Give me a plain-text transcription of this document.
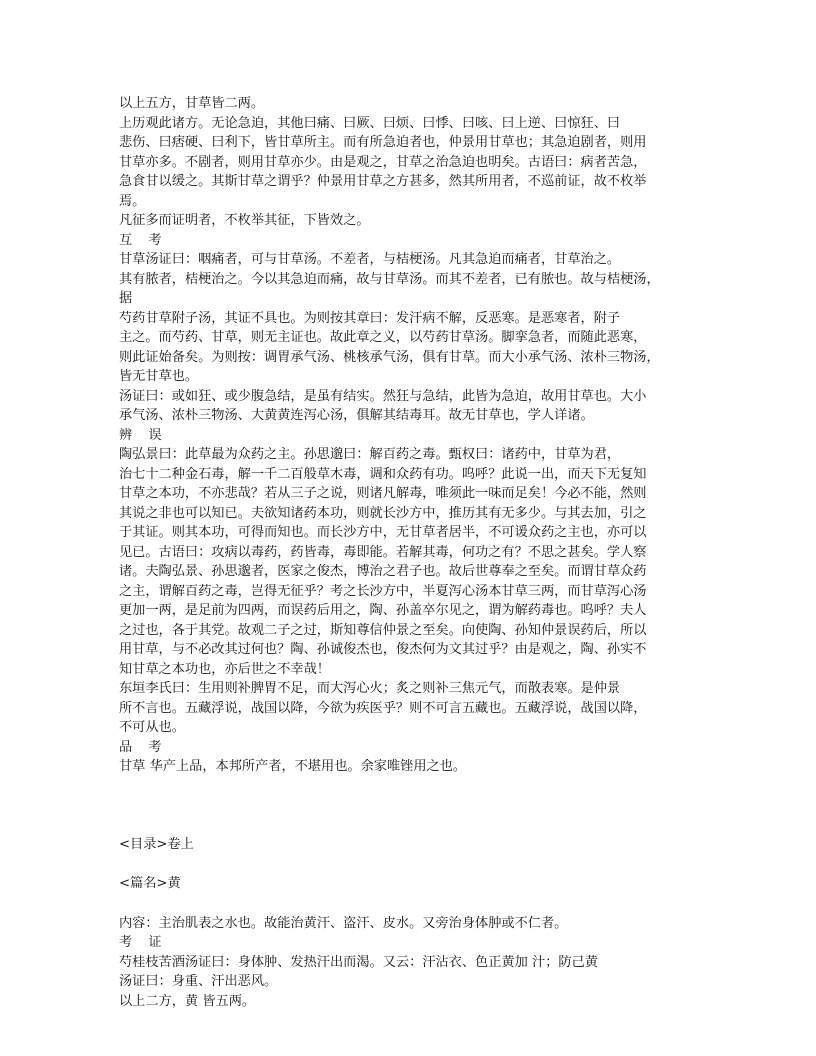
以上五方，甘草皆二两。

上历观此诸方。无论急迫，其他曰痛、曰厥、曰烦、曰悸、曰咳、曰上逆、曰惊狂、曰

悲伤、曰痞硬、曰利下，皆甘草所主。而有所急迫者也，仲景用甘草也；其急迫剧者，则用

甘草亦多。不剧者，则用甘草亦少。由是观之，甘草之治急迫也明矣。古语曰：病者苦急，

急食甘以缓之。其斯甘草之谓乎？仲景用甘草之方甚多，然其所用者，不巡前证，故不枚举

焉。

凡征多而证明者，不枚举其征，下皆效之。

互 考

甘草汤证曰：咽痛者，可与甘草汤。不差者，与桔梗汤。凡其急迫而痛者，甘草治之。

其有脓者，桔梗治之。今以其急迫而痛，故与甘草汤。而其不差者，已有脓也。故与桔梗汤，

据

芍药甘草附子汤，其证不具也。为则按其章曰：发汗病不解，反恶寒。是恶寒者，附子

主之。而芍药、甘草，则无主证也。故此章之义，以芍药甘草汤。脚挛急者，而随此恶寒，

则此证始备矣。为则按：调胃承气汤、桃核承气汤，俱有甘草。而大小承气汤、浓朴三物汤，

皆无甘草也。

汤证曰：或如狂、或少腹急结，是虽有结实。然狂与急结，此皆为急迫，故用甘草也。大小

承气汤、浓朴三物汤、大黄黄连泻心汤，俱解其结毒耳。故无甘草也，学人详诸。

辨 误

陶弘景曰：此草最为众药之主。孙思邈曰：解百药之毒。甄权曰：诸药中，甘草为君，

治七十二种金石毒，解一千二百般草木毒，调和众药有功。呜呼？此说一出，而天下无复知

甘草之本功，不亦悲哉？若从三子之说，则诸凡解毒，唯须此一味而足矣！今必不能，然则

其说之非也可以知已。夫欲知诸药本功，则就长沙方中，推历其有无多少。与其去加，引之

于其证。则其本功，可得而知也。而长沙方中，无甘草者居半，不可谖众药之主也，亦可以

见已。古语曰：攻病以毒药，药皆毒，毒即能。若解其毒，何功之有？不思之甚矣。学人察

诸。夫陶弘景、孙思邈者，医家之俊杰，博治之君子也。故后世尊奉之至矣。而谓甘草众药

之主，谓解百药之毒，岂得无征乎？考之长沙方中，半夏泻心汤本甘草三两，而甘草泻心汤

更加一两，是足前为四两，而误药后用之，陶、孙盖卒尔见之，谓为解药毒也。呜呼？夫人

之过也，各于其党。故观二子之过，斯知尊信仲景之至矣。向使陶、孙知仲景误药后，所以

用甘草，与不必改其过何也？陶、孙诚俊杰也，俊杰何为文其过乎？由是观之，陶、孙实不

知甘草之本功也，亦后世之不幸哉！

东垣李氏曰：生用则补脾胃不足，而大泻心火；炙之则补三焦元气，而散表寒。是仲景

所不言也。五藏浮说，战国以降，今欲为疾医乎？则不可言五藏也。五藏浮说，战国以降，

不可从也。

品 考

甘草 华产上品，本邦所产者，不堪用也。余家唯锉用之也。

<目录>卷上

<篇名>黄

内容：主治肌表之水也。故能治黄汗、盗汗、皮水。又旁治身体肿或不仁者。

考 证

芍桂枝苦酒汤证曰：身体肿、发热汗出而渴。又云：汗沾衣、色正黄加 汁；防己黄

汤证曰：身重、汗出恶风。

以上二方，黄 皆五两。
